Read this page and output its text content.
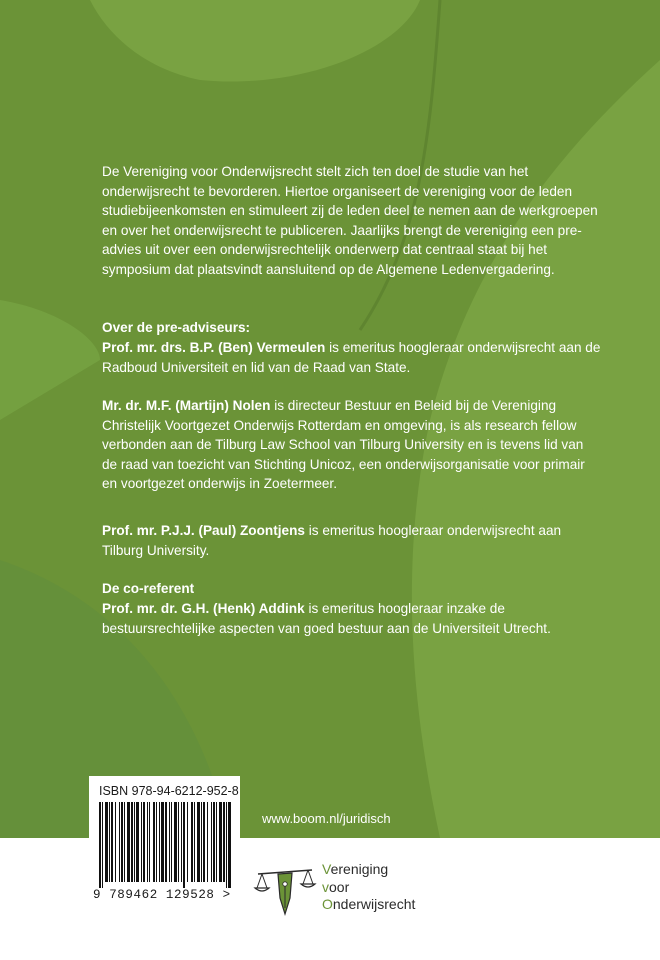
De Vereniging voor Onderwijsrecht stelt zich ten doel de studie van het onderwijsrecht te bevorderen. Hiertoe organiseert de vereniging voor de leden studiebijeenkomsten en stimuleert zij de leden deel te nemen aan de werkgroepen en over het onderwijsrecht te publiceren. Jaarlijks brengt de vereniging een pre-advies uit over een onderwijsrechtelijk onderwerp dat centraal staat bij het symposium dat plaatsvindt aansluitend op de Algemene Ledenvergadering.
Over de pre-adviseurs:
Prof. mr. drs. B.P. (Ben) Vermeulen is emeritus hoogleraar onderwijsrecht aan de Radboud Universiteit en lid van de Raad van State.
Mr. dr. M.F. (Martijn) Nolen is directeur Bestuur en Beleid bij de Vereniging Christelijk Voortgezet Onderwijs Rotterdam en omgeving, is als research fellow verbonden aan de Tilburg Law School van Tilburg University en is tevens lid van de raad van toezicht van Stichting Unicoz, een onderwijsorganisatie voor primair en voortgezet onderwijs in Zoetermeer.
Prof. mr. P.J.J. (Paul) Zoontjens is emeritus hoogleraar onderwijsrecht aan Tilburg University.
De co-referent
Prof. mr. dr. G.H. (Henk) Addink is emeritus hoogleraar inzake de bestuursrechtelijke aspecten van goed bestuur aan de Universiteit Utrecht.
ISBN 978-94-6212-952-8
9 789462 129528 >
www.boom.nl/juridisch
Vereniging
voor
Onderwijsrecht
